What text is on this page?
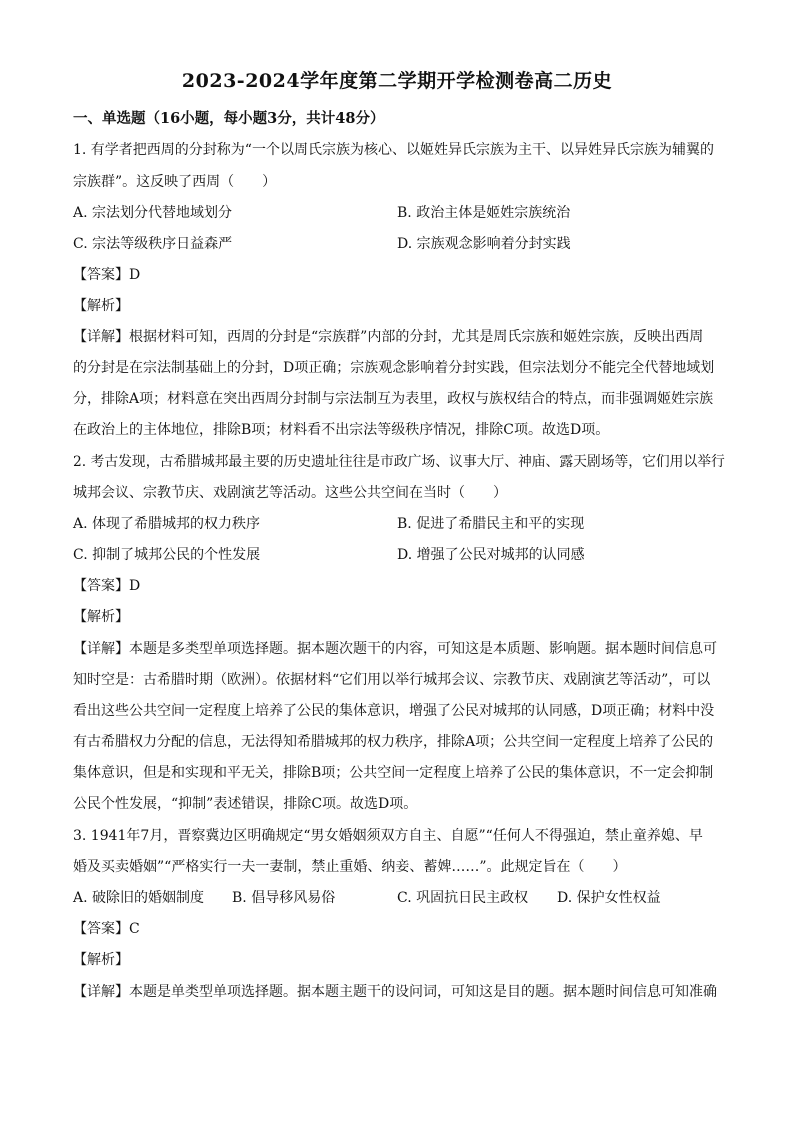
2023-2024学年度第二学期开学检测卷高二历史
一、单选题（16小题，每小题3分，共计48分）
1. 有学者把西周的分封称为“一个以周氏宗族为核心、以姬姓异氏宗族为主干、以异姓异氏宗族为辅翼的
宗族群”。这反映了西周（　　）
A. 宗法划分代替地域划分	B. 政治主体是姬姓宗族统治
C. 宗法等级秩序日益森严	D. 宗族观念影响着分封实践
【答案】D
【解析】
【详解】根据材料可知，西周的分封是“宗族群”内部的分封，尤其是周氏宗族和姬姓宗族，反映出西周
的分封是在宗法制基础上的分封，D项正确；宗族观念影响着分封实践，但宗法划分不能完全代替地域划
分，排除A项；材料意在突出西周分封制与宗法制互为表里，政权与族权结合的特点，而非强调姬姓宗族
在政治上的主体地位，排除B项；材料看不出宗法等级秩序情况，排除C项。故选D项。
2. 考古发现，古希腊城邦最主要的历史遗址往往是市政广场、议事大厅、神庙、露天剧场等，它们用以举行
城邦会议、宗教节庆、戏剧演艺等活动。这些公共空间在当时（　　）
A. 体现了希腊城邦的权力秩序	B. 促进了希腊民主和平的实现
C. 抑制了城邦公民的个性发展	D. 增强了公民对城邦的认同感
【答案】D
【解析】
【详解】本题是多类型单项选择题。据本题次题干的内容，可知这是本质题、影响题。据本题时间信息可
知时空是：古希腊时期（欧洲）。依据材料“它们用以举行城邦会议、宗教节庆、戏剧演艺等活动”，可以
看出这些公共空间一定程度上培养了公民的集体意识，增强了公民对城邦的认同感，D项正确；材料中没
有古希腊权力分配的信息，无法得知希腊城邦的权力秩序，排除A项；公共空间一定程度上培养了公民的
集体意识，但是和实现和平无关，排除B项；公共空间一定程度上培养了公民的集体意识，不一定会抑制
公民个性发展，“抑制”表述错误，排除C项。故选D项。
3. 1941年7月，晋察冀边区明确规定“男女婚姻须双方自主、自愿”“任何人不得强迫，禁止童养媳、早
婚及买卖婚姻”“严格实行一夫一妻制，禁止重婚、纳妾、蓄婢……”。此规定旨在（　　）
A. 破除旧的婚姻制度 B. 倡导移风易俗	C. 巩固抗日民主政权 D. 保护女性权益
【答案】C
【解析】
【详解】本题是单类型单项选择题。据本题主题干的设问词，可知这是目的题。据本题时间信息可知准确
